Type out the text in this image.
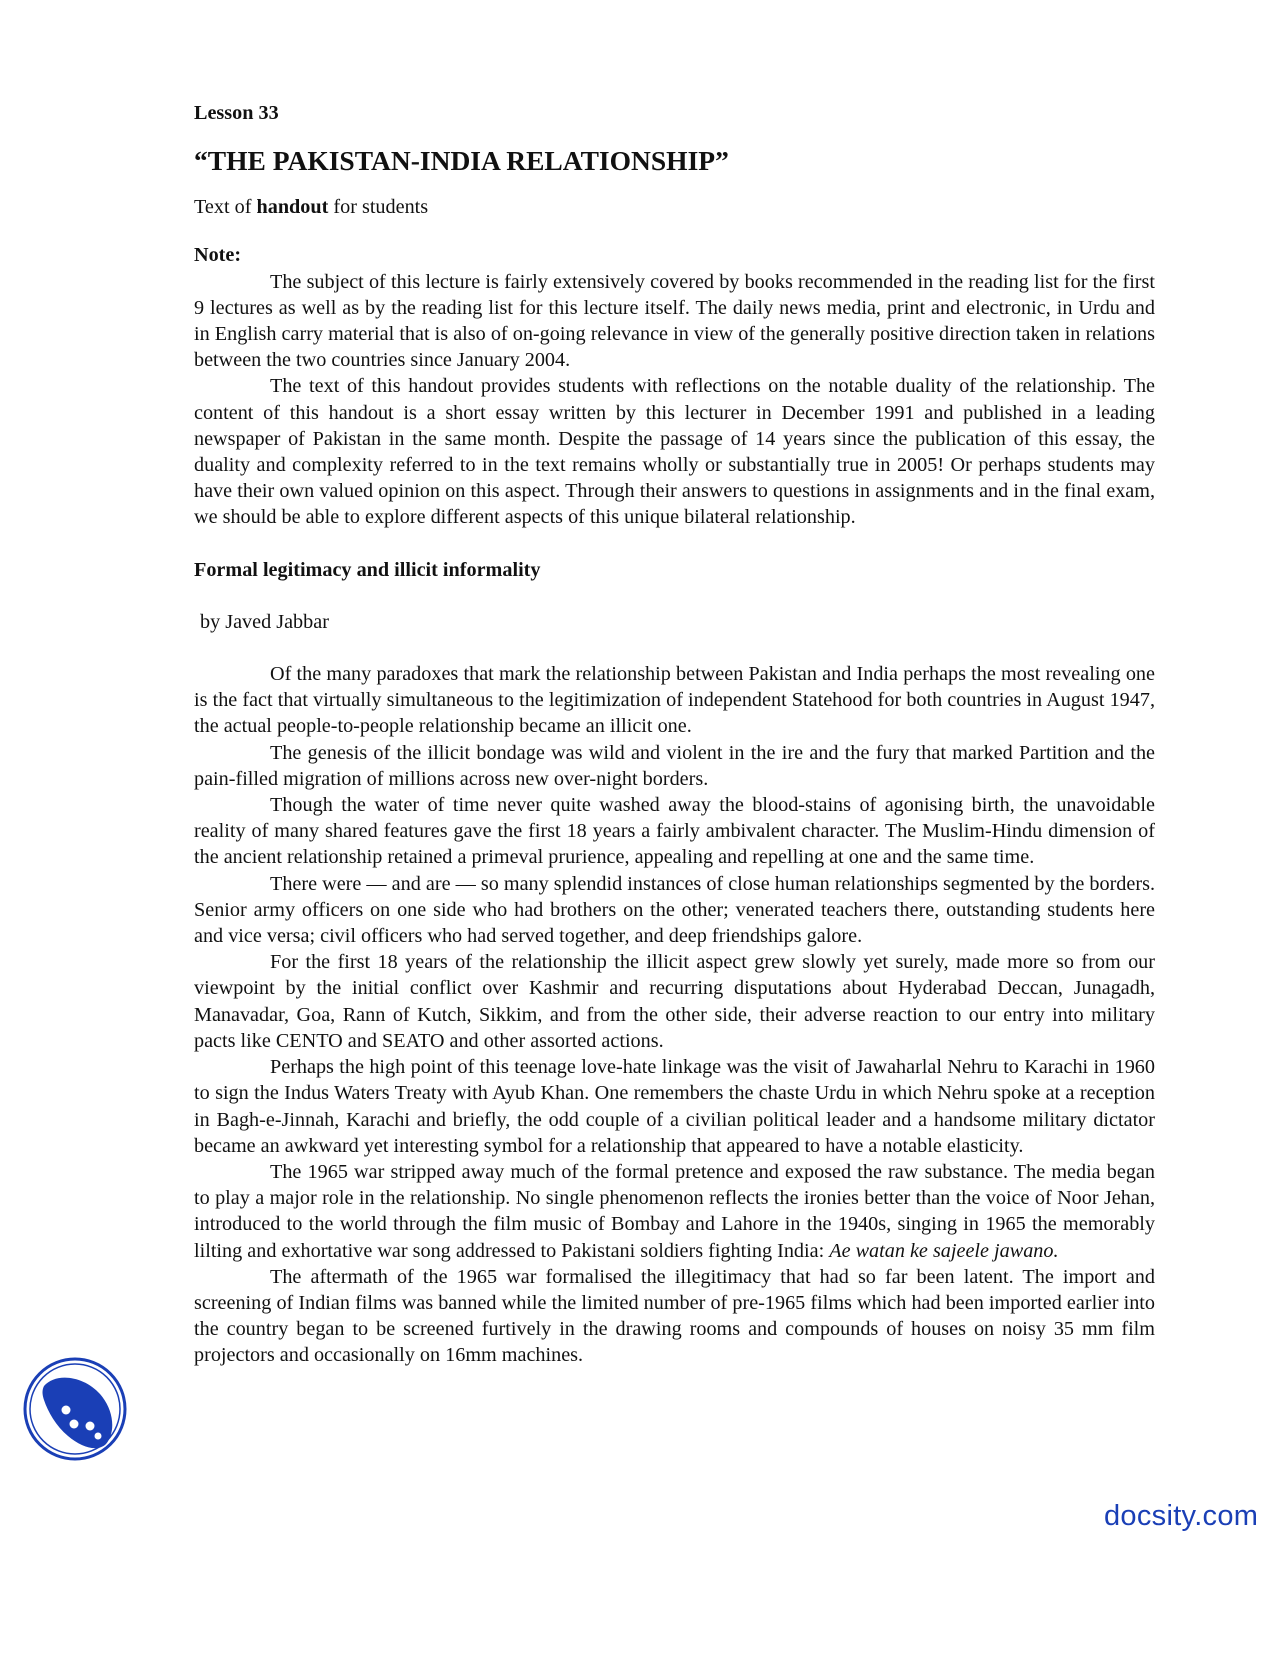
Lesson 33

“THE PAKISTAN-INDIA RELATIONSHIP”

Text of handout for students

Note:

The subject of this lecture is fairly extensively covered by books recommended in the reading list for the first 9 lectures as well as by the reading list for this lecture itself. The daily news media, print and electronic, in Urdu and in English carry material that is also of on-going relevance in view of the generally positive direction taken in relations between the two countries since January 2004.

The text of this handout provides students with reflections on the notable duality of the relationship. The content of this handout is a short essay written by this lecturer in December 1991 and published in a leading newspaper of Pakistan in the same month. Despite the passage of 14 years since the publication of this essay, the duality and complexity referred to in the text remains wholly or substantially true in 2005! Or perhaps students may have their own valued opinion on this aspect. Through their answers to questions in assignments and in the final exam, we should be able to explore different aspects of this unique bilateral relationship.

Formal legitimacy and illicit informality

by Javed Jabbar

Of the many paradoxes that mark the relationship between Pakistan and India perhaps the most revealing one is the fact that virtually simultaneous to the legitimization of independent Statehood for both countries in August 1947, the actual people-to-people relationship became an illicit one.

The genesis of the illicit bondage was wild and violent in the ire and the fury that marked Partition and the pain-filled migration of millions across new over-night borders.

Though the water of time never quite washed away the blood-stains of agonising birth, the unavoidable reality of many shared features gave the first 18 years a fairly ambivalent character. The Muslim-Hindu dimension of the ancient relationship retained a primeval prurience, appealing and repelling at one and the same time.

There were — and are — so many splendid instances of close human relationships segmented by the borders. Senior army officers on one side who had brothers on the other; venerated teachers there, outstanding students here and vice versa; civil officers who had served together, and deep friendships galore.

For the first 18 years of the relationship the illicit aspect grew slowly yet surely, made more so from our viewpoint by the initial conflict over Kashmir and recurring disputations about Hyderabad Deccan, Junagadh, Manavadar, Goa, Rann of Kutch, Sikkim, and from the other side, their adverse reaction to our entry into military pacts like CENTO and SEATO and other assorted actions.

Perhaps the high point of this teenage love-hate linkage was the visit of Jawaharlal Nehru to Karachi in 1960 to sign the Indus Waters Treaty with Ayub Khan. One remembers the chaste Urdu in which Nehru spoke at a reception in Bagh-e-Jinnah, Karachi and briefly, the odd couple of a civilian political leader and a handsome military dictator became an awkward yet interesting symbol for a relationship that appeared to have a notable elasticity.

The 1965 war stripped away much of the formal pretence and exposed the raw substance. The media began to play a major role in the relationship. No single phenomenon reflects the ironies better than the voice of Noor Jehan, introduced to the world through the film music of Bombay and Lahore in the 1940s, singing in 1965 the memorably lilting and exhortative war song addressed to Pakistani soldiers fighting India: Ae watan ke sajeele jawano.

The aftermath of the 1965 war formalised the illegitimacy that had so far been latent. The import and screening of Indian films was banned while the limited number of pre-1965 films which had been imported earlier into the country began to be screened furtively in the drawing rooms and compounds of houses on noisy 35 mm film projectors and occasionally on 16mm machines.

docsity.com
